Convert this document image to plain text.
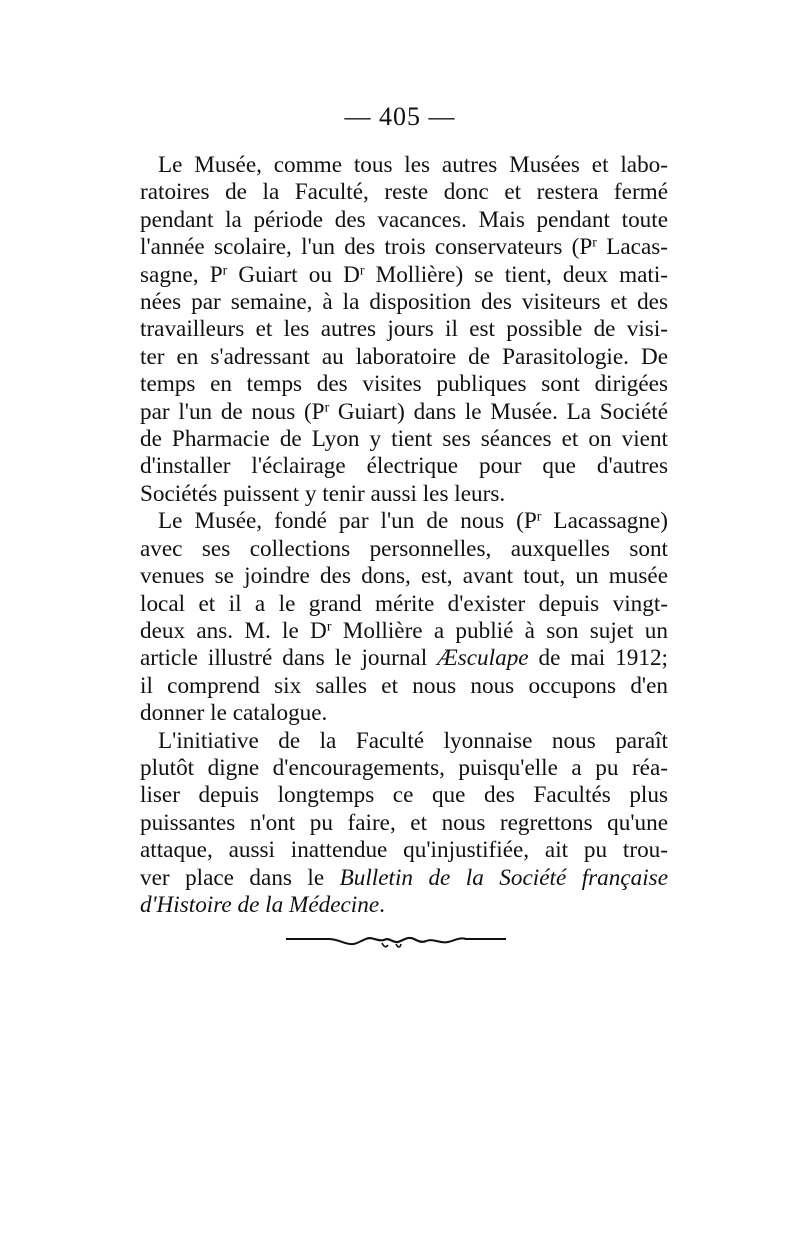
— 405 —
Le Musée, comme tous les autres Musées et labo-
ratoires de la Faculté, reste donc et restera fermé
pendant la période des vacances. Mais pendant toute
l'année scolaire, l'un des trois conservateurs ($P^r$ Lacas-
sagne, $P^r$ Guiart ou $D^r$ Mollière) se tient, deux mati-
nées par semaine, à la disposition des visiteurs et des
travailleurs et les autres jours il est possible de visi-
ter en s'adressant au laboratoire de Parasitologie. De
temps en temps des visites publiques sont dirigées
par l'un de nous ($P^r$ Guiart) dans le Musée. La Société
de Pharmacie de Lyon y tient ses séances et on vient
d'installer l'éclairage électrique pour que d'autres
Sociétés puissent y tenir aussi les leurs.
Le Musée, fondé par l'un de nous ($P^r$ Lacassagne)
avec ses collections personnelles, auxquelles sont
venues se joindre des dons, est, avant tout, un musée
local et il a le grand mérite d'exister depuis vingt-
deux ans. M. le $D^r$ Mollière a publié à son sujet un
article illustré dans le journal Æsculape de mai 1912;
il comprend six salles et nous nous occupons d'en
donner le catalogue.
L'initiative de la Faculté lyonnaise nous paraît
plutôt digne d'encouragements, puisqu'elle a pu réa-
liser depuis longtemps ce que des Facultés plus
puissantes n'ont pu faire, et nous regrettons qu'une
attaque, aussi inattendue qu'injustifiée, ait pu trou-
ver place dans le Bulletin de la Société française
d'Histoire de la Médecine.
